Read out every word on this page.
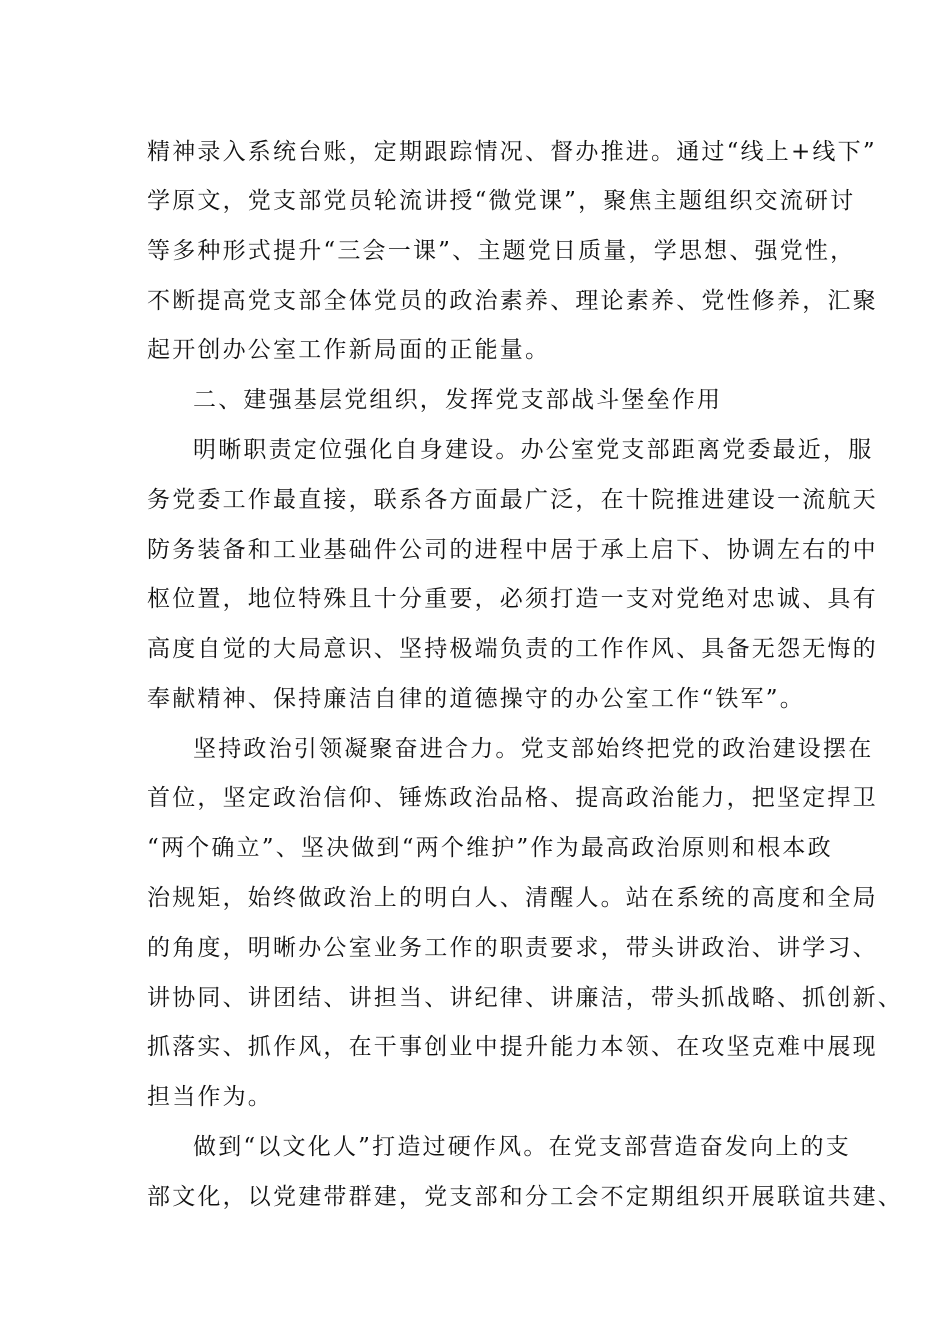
精神录入系统台账，定期跟踪情况、督办推进。通过“线上+线下”
学原文，党支部党员轮流讲授“微党课”，聚焦主题组织交流研讨
等多种形式提升“三会一课”、主题党日质量，学思想、强党性，
不断提高党支部全体党员的政治素养、理论素养、党性修养，汇聚
起开创办公室工作新局面的正能量。
二、建强基层党组织，发挥党支部战斗堡垒作用
明晰职责定位强化自身建设。办公室党支部距离党委最近，服
务党委工作最直接，联系各方面最广泛，在十院推进建设一流航天
防务装备和工业基础件公司的进程中居于承上启下、协调左右的中
枢位置，地位特殊且十分重要，必须打造一支对党绝对忠诚、具有
高度自觉的大局意识、坚持极端负责的工作作风、具备无怨无悔的
奉献精神、保持廉洁自律的道德操守的办公室工作“铁军”。
坚持政治引领凝聚奋进合力。党支部始终把党的政治建设摆在
首位，坚定政治信仰、锤炼政治品格、提高政治能力，把坚定捍卫
“两个确立”、坚决做到“两个维护”作为最高政治原则和根本政
治规矩，始终做政治上的明白人、清醒人。站在系统的高度和全局
的角度，明晰办公室业务工作的职责要求，带头讲政治、讲学习、
讲协同、讲团结、讲担当、讲纪律、讲廉洁，带头抓战略、抓创新、
抓落实、抓作风，在干事创业中提升能力本领、在攻坚克难中展现
担当作为。
做到“以文化人”打造过硬作风。在党支部营造奋发向上的支
部文化，以党建带群建，党支部和分工会不定期组织开展联谊共建、
